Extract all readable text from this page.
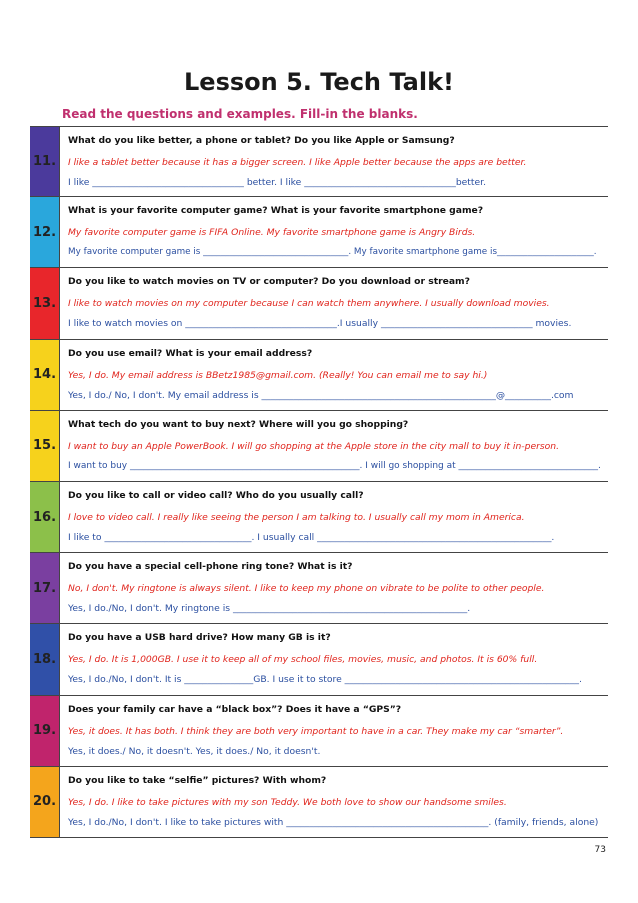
Lesson 5. Tech Talk!
Read the questions and examples. Fill-in the blanks.
11.
What do you like better, a phone or tablet? Do you like Apple or Samsung?
I like a tablet better because it has a bigger screen. I like Apple better because the apps are better.
I like _________________________________ better. I like _________________________________better.
12.
What is your favorite computer game? What is your favorite smartphone game?
My favorite computer game is FIFA Online. My favorite smartphone game is Angry Birds.
My favorite computer game is _________________________________. My favorite smartphone game is______________________.
13.
Do you like to watch movies on TV or computer? Do you download or stream?
I like to watch movies on my computer because I can watch them anywhere. I usually download movies.
I like to watch movies on _________________________________.I usually _________________________________ movies.
14.
Do you use email? What is your email address?
Yes, I do. My email address is BBetz1985@gmail.com. (Really! You can email me to say hi.)
Yes, I do./ No, I don't. My email address is ___________________________________________________@__________.com
15.
What tech do you want to buy next? Where will you go shopping?
I want to buy an Apple PowerBook. I will go shopping at the Apple store in the city mall to buy it in-person.
I want to buy ___________________________________________________. I will go shopping at _______________________________.
16.
Do you like to call or video call? Who do you usually call?
I love to video call. I really like seeing the person I am talking to. I usually call my mom in America.
I like to ________________________________. I usually call ___________________________________________________.
17.
Do you have a special cell-phone ring tone? What is it?
No, I don't. My ringtone is always silent. I like to keep my phone on vibrate to be polite to other people.
Yes, I do./No, I don't. My ringtone is ___________________________________________________.
18.
Do you have a USB hard drive? How many GB is it?
Yes, I do. It is 1,000GB. I use it to keep all of my school files, movies, music, and photos. It is 60% full.
Yes, I do./No, I don't. It is _______________GB. I use it to store ___________________________________________________.
19.
Does your family car have a “black box”? Does it have a “GPS”?
Yes, it does. It has both. I think they are both very important to have in a car. They make my car “smarter”.
Yes, it does./ No, it doesn't. Yes, it does./ No, it doesn't.
20.
Do you like to take “selfie” pictures? With whom?
Yes, I do. I like to take pictures with my son Teddy. We both love to show our handsome smiles.
Yes, I do./No, I don't. I like to take pictures with ____________________________________________. (family, friends, alone)
73
